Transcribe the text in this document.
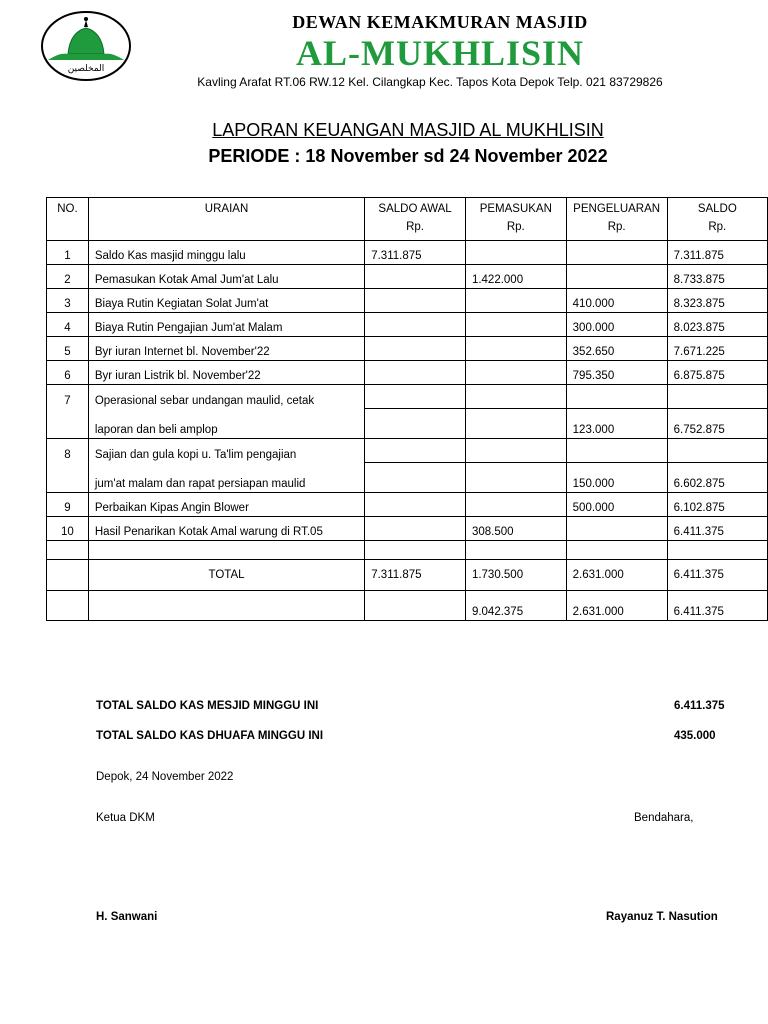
المخلصين
DEWAN KEMAKMURAN MASJID
AL-MUKHLISIN
Kavling Arafat RT.06 RW.12 Kel. Cilangkap Kec. Tapos Kota Depok Telp. 021 83729826
LAPORAN KEUANGAN MASJID AL MUKHLISIN
PERIODE : 18 November sd 24 November 2022
NO.	URAIAN	SALDO AWAL	PEMASUKAN	PENGELUARAN	SALDO
		Rp.	Rp.	Rp.	Rp.
1	Saldo Kas masjid minggu lalu	7.311.875			7.311.875
2	Pemasukan Kotak Amal Jum'at Lalu		1.422.000		8.733.875
3	Biaya Rutin Kegiatan Solat Jum'at			410.000	8.323.875
4	Biaya Rutin Pengajian Jum'at Malam			300.000	8.023.875
5	Byr iuran Internet bl. November'22			352.650	7.671.225
6	Byr iuran Listrik bl. November'22			795.350	6.875.875
7	Operasional sebar undangan maulid, cetak				
	laporan dan beli amplop			123.000	6.752.875
8	Sajian dan gula kopi u. Ta'lim pengajian				
	jum'at malam dan rapat persiapan maulid			150.000	6.602.875
9	Perbaikan Kipas Angin Blower			500.000	6.102.875
10	Hasil Penarikan Kotak Amal warung di RT.05		308.500		6.411.375

	TOTAL	7.311.875	1.730.500	2.631.000	6.411.375
			9.042.375	2.631.000	6.411.375
TOTAL SALDO KAS MESJID MINGGU INI	6.411.375
TOTAL SALDO KAS DHUAFA MINGGU INI	435.000
Depok, 24 November 2022
Ketua DKM	Bendahara,
H. Sanwani	Rayanuz T. Nasution
